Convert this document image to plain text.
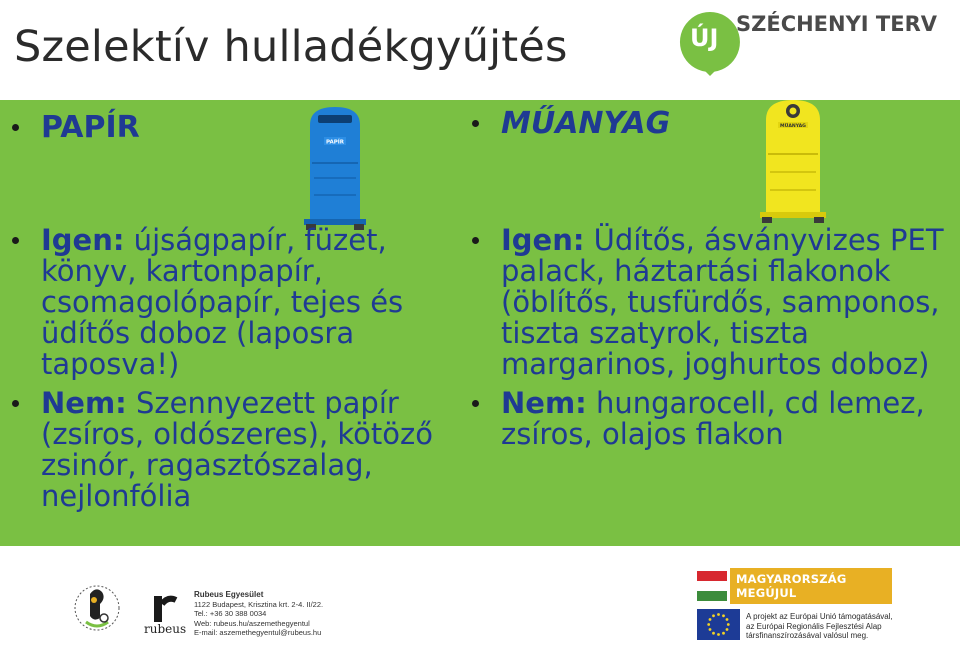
Szelektív hulladékgyűjtés	ÚJ SZÉCHENYI TERV
PAPÍR	MŰANYAG
PAPÍR
MŰANYAG
Igen: újságpapír, füzet, könyv, kartonpapír, csomagolópapír, tejes és üdítős doboz (laposra taposva!)
Nem: Szennyezett papír (zsíros, oldószeres), kötöző zsinór, ragasztószalag, nejlonfólia
Igen: Üdítős, ásványvizes PET palack, háztartási flakonok (öblítős, tusfürdős, samponos, tiszta szatyrok, tiszta margarinos, joghurtos doboz)
Nem: hungarocell, cd lemez, zsíros, olajos flakon
rubeus
Rubeus Egyesület
1122 Budapest, Krisztina krt. 2-4. II/22.
Tel.: +36 30 388 0034
Web: rubeus.hu/aszemethegyentul
E-mail: aszemethegyentul@rubeus.hu
MAGYARORSZÁG MEGÚJUL
A projekt az Európai Unió támogatásával,
az Európai Regionális Fejlesztési Alap
társfinanszírozásával valósul meg.
